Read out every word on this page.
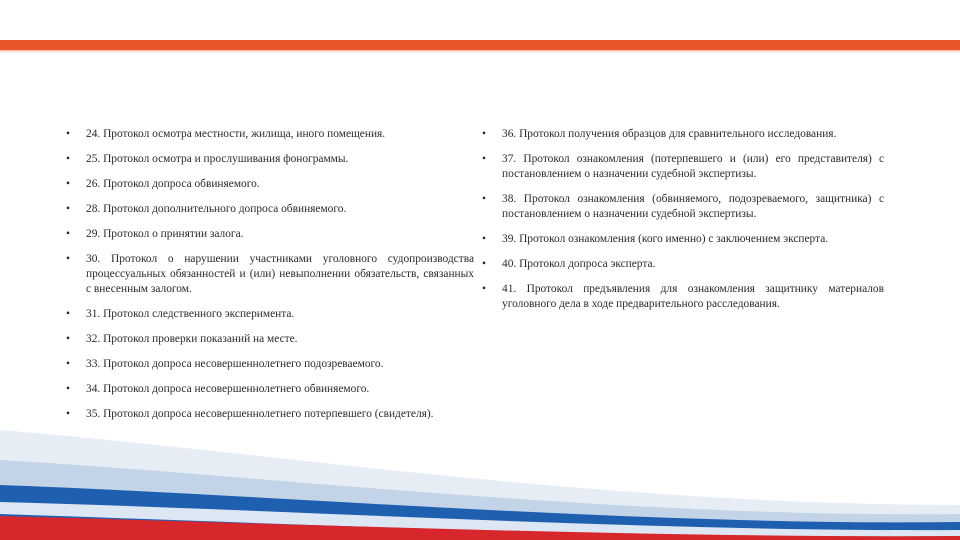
• 24. Протокол осмотра местности, жилища, иного помещения.
• 25. Протокол осмотра и прослушивания фонограммы.
• 26. Протокол допроса обвиняемого.
• 28. Протокол дополнительного допроса обвиняемого.
• 29. Протокол о принятии залога.
• 30. Протокол о нарушении участниками уголовного судопроизводства процессуальных обязанностей и (или) невыполнении обязательств, связанных с внесенным залогом.
• 31. Протокол следственного эксперимента.
• 32. Протокол проверки показаний на месте.
• 33. Протокол допроса несовершеннолетнего подозреваемого.
• 34. Протокол допроса несовершеннолетнего обвиняемого.
• 35. Протокол допроса несовершеннолетнего потерпевшего (свидетеля).
• 36. Протокол получения образцов для сравнительного исследования.
• 37. Протокол ознакомления (потерпевшего и (или) его представителя) с постановлением о назначении судебной экспертизы.
• 38. Протокол ознакомления (обвиняемого, подозреваемого, защитника) с постановлением о назначении судебной экспертизы.
• 39. Протокол ознакомления (кого именно) с заключением эксперта.
• 40. Протокол допроса эксперта.
• 41. Протокол предъявления для ознакомления защитнику материалов уголовного дела в ходе предварительного расследования.
